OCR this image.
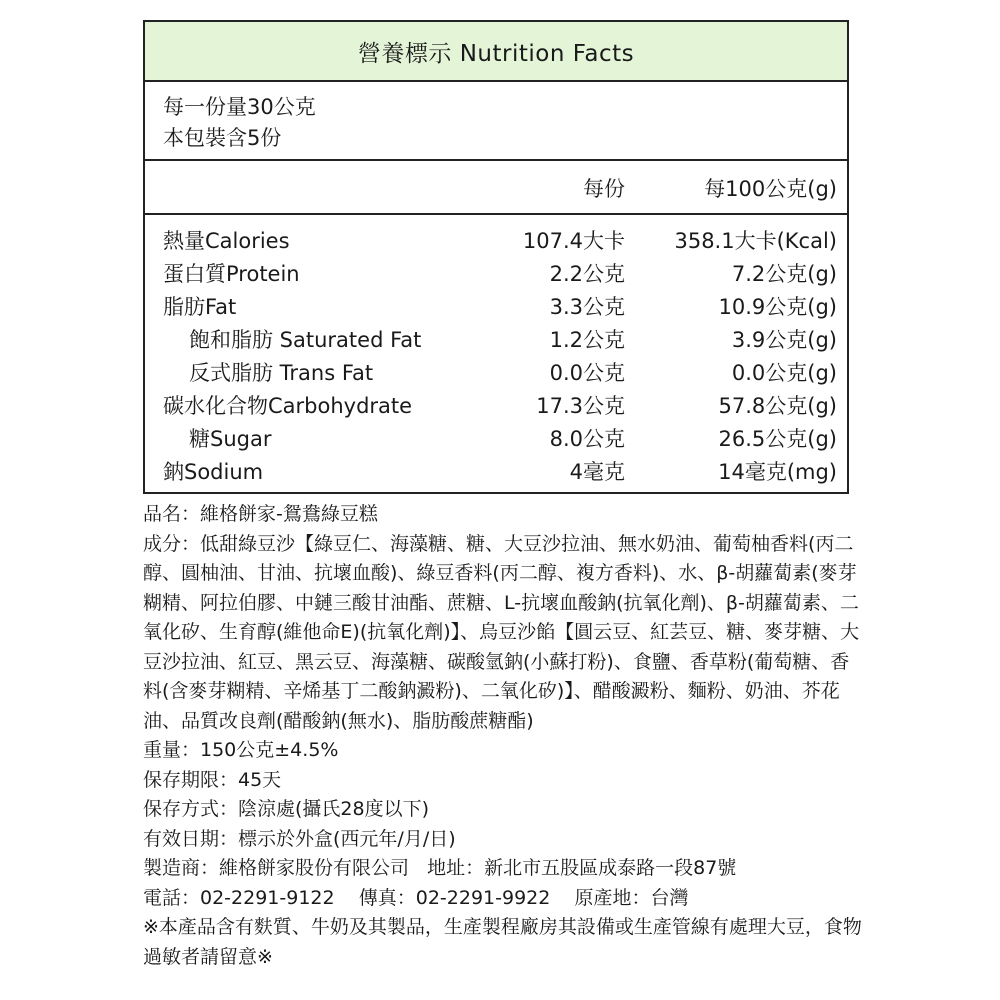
營養標示 Nutrition Facts
每一份量30公克
本包裝含5份
每份	每100公克(g)
熱量Calories	107.4大卡 358.1大卡(Kcal)
蛋白質Protein	2.2公克	7.2公克(g)
脂肪Fat	3.3公克	10.9公克(g)
飽和脂肪 Saturated Fat	1.2公克	3.9公克(g)
反式脂肪 Trans Fat	0.0公克	0.0公克(g)
碳水化合物Carbohydrate	17.3公克	57.8公克(g)
糖Sugar	8.0公克	26.5公克(g)
鈉Sodium	4毫克	14毫克(mg)

品名：維格餅家-鴛鴦綠豆糕

成分：低甜綠豆沙【綠豆仁、海藻糖、糖、大豆沙拉油、無水奶油、葡萄柚香料(丙二醇、圓柚油、甘油、抗壞血酸)、綠豆香料(丙二醇、複方香料)、水、β-胡蘿蔔素(麥芽糊精、阿拉伯膠、中鏈三酸甘油酯、蔗糖、L-抗壞血酸鈉(抗氧化劑)、β-胡蘿蔔素、二氧化矽、生育醇(維他命E)(抗氧化劑)】、烏豆沙餡【圓云豆、紅芸豆、糖、麥芽糖、大豆沙拉油、紅豆、黑云豆、海藻糖、碳酸氫鈉(小蘇打粉)、食鹽、香草粉(葡萄糖、香料(含麥芽糊精、辛烯基丁二酸鈉澱粉)、二氧化矽)】、醋酸澱粉、麵粉、奶油、芥花油、品質改良劑(醋酸鈉(無水)、脂肪酸蔗糖酯)

重量：150公克±4.5%

保存期限：45天

保存方式：陰涼處(攝氏28度以下)

有效日期：標示於外盒(西元年/月/日)

製造商：維格餅家股份有限公司   地址：新北市五股區成泰路一段87號

電話：02-2291-9122    傳真：02-2291-9922    原產地：台灣

※本產品含有麩質、牛奶及其製品，生產製程廠房其設備或生產管線有處理大豆，食物過敏者請留意※
